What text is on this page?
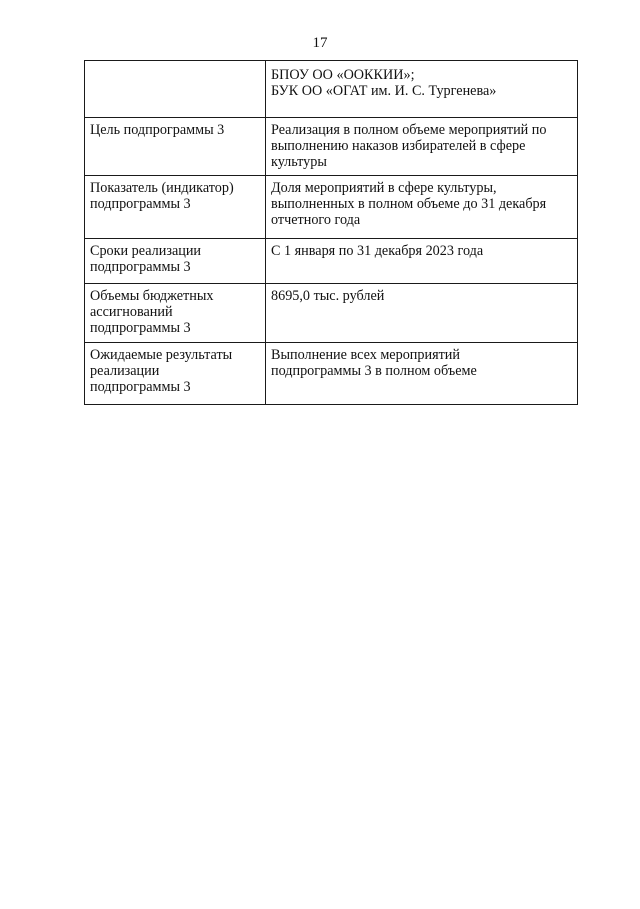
17

	БПОУ ОО «ООККИИ»;
БУК ОО «ОГАТ им. И. С. Тургенева»

Цель подпрограммы 3	Реализация в полном объеме мероприятий по
выполнению наказов избирателей в сфере
культуры

Показатель (индикатор)
подпрограммы 3	Доля мероприятий в сфере культуры,
выполненных в полном объеме до 31 декабря
отчетного года

Сроки реализации
подпрограммы 3	С 1 января по 31 декабря 2023 года

Объемы бюджетных
ассигнований
подпрограммы 3	8695,0 тыс. рублей

Ожидаемые результаты
реализации
подпрограммы 3	Выполнение всех мероприятий
подпрограммы 3 в полном объеме
